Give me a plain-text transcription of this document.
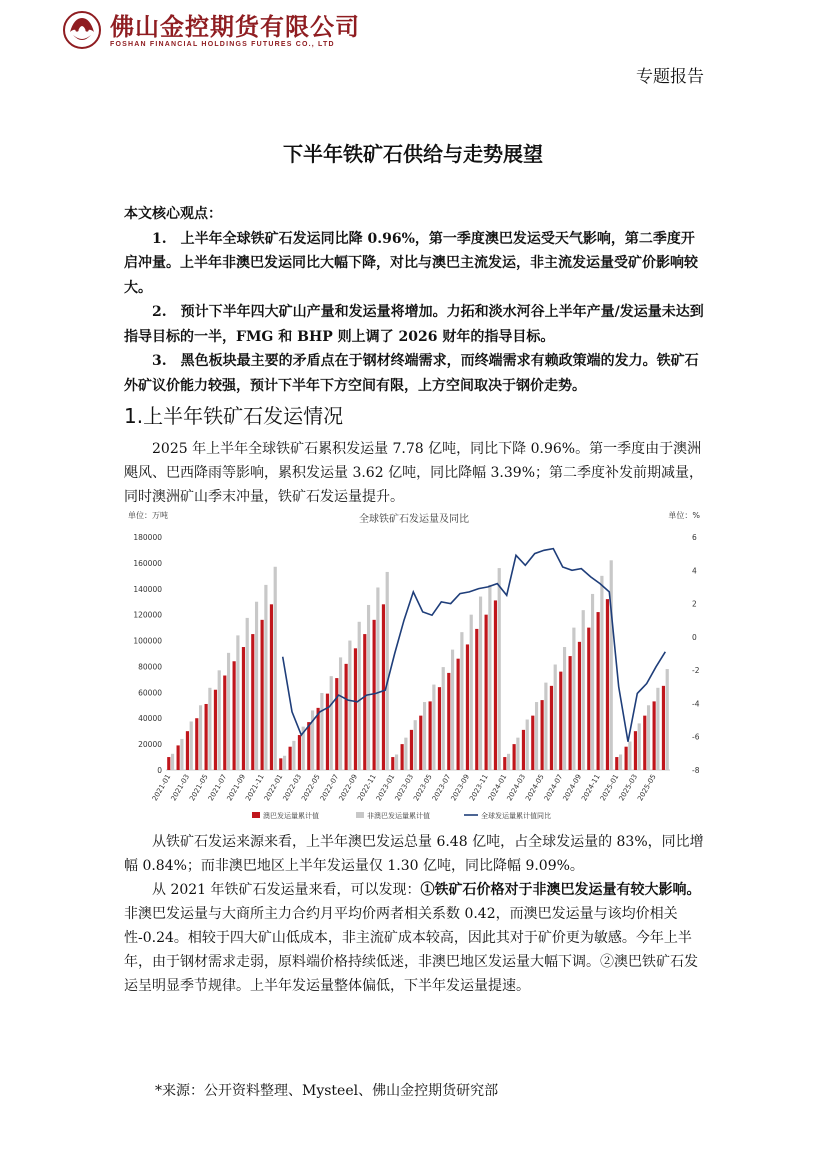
佛山金控期货有限公司
FOSHAN FINANCIAL HOLDINGS FUTURES CO., LTD
专题报告
下半年铁矿石供给与走势展望

本文核心观点：

1.　上半年全球铁矿石发运同比降 0.96%，第一季度澳巴发运受天气影响，第二季度开启冲量。上半年非澳巴发运同比大幅下降，对比与澳巴主流发运，非主流发运量受矿价影响较大。

2.　预计下半年四大矿山产量和发运量将增加。力拓和淡水河谷上半年产量/发运量未达到指导目标的一半，FMG 和 BHP 则上调了 2026 财年的指导目标。

3.　黑色板块最主要的矛盾点在于钢材终端需求，而终端需求有赖政策端的发力。铁矿石外矿议价能力较强，预计下半年下方空间有限，上方空间取决于钢价走势。

1.上半年铁矿石发运情况

2025 年上半年全球铁矿石累积发运量 7.78 亿吨，同比下降 0.96%。第一季度由于澳洲飓风、巴西降雨等影响，累积发运量 3.62 亿吨，同比降幅 3.39%；第二季度补发前期减量，同时澳洲矿山季末冲量，铁矿石发运量提升。

全球铁矿石发运量及同比
单位：万吨	单位：%
0
20000
40000
60000
80000
100000
120000
140000
160000
180000
-8
-6
-4
-2
0
2
4
6
2021-01
2021-03
2021-05
2021-07
2021-09
2021-11
2022-01
2022-03
2022-05
2022-07
2022-09
2022-11
2023-01
2023-03
2023-05
2023-07
2023-09
2023-11
2024-01
2024-03
2024-05
2024-07
2024-09
2024-11
2025-01
2025-03
2025-05
澳巴发运量累计值	非澳巴发运量累计值	全球发运量累计值同比

从铁矿石发运来源来看，上半年澳巴发运总量 6.48 亿吨，占全球发运量的 83%，同比增幅 0.84%；而非澳巴地区上半年发运量仅 1.30 亿吨，同比降幅 9.09%。

从 2021 年铁矿石发运量来看，可以发现：①铁矿石价格对于非澳巴发运量有较大影响。非澳巴发运量与大商所主力合约月平均价两者相关系数 0.42，而澳巴发运量与该均价相关性-0.24。相较于四大矿山低成本，非主流矿成本较高，因此其对于矿价更为敏感。今年上半年，由于钢材需求走弱，原料端价格持续低迷，非澳巴地区发运量大幅下调。②澳巴铁矿石发运呈明显季节规律。上半年发运量整体偏低，下半年发运量提速。

*来源：公开资料整理、Mysteel、佛山金控期货研究部
